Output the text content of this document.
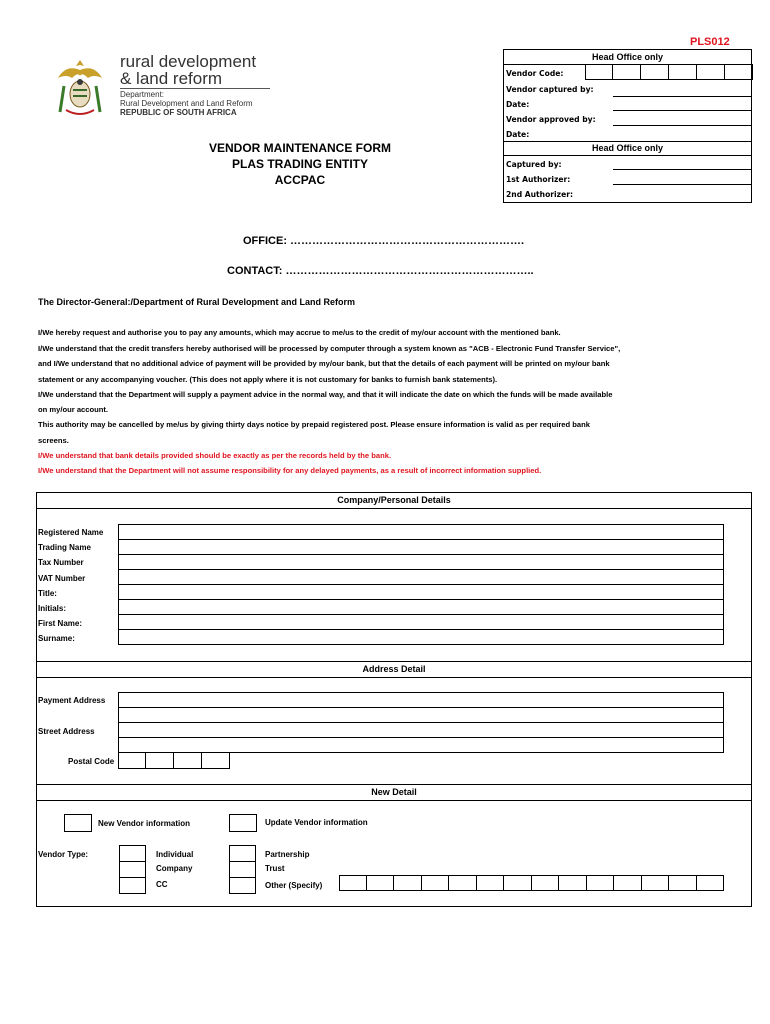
PLS012
rural development
& land reform
Department:
Rural Development and Land Reform
REPUBLIC OF SOUTH AFRICA
VENDOR MAINTENANCE FORM
PLAS TRADING ENTITY
ACCPAC
Head Office only
Vendor Code:
Vendor captured by:
Date:
Vendor approved by:
Date:
Head Office only
Captured by:
1st Authorizer:
2nd Authorizer:
OFFICE: ……………………………………………………….
CONTACT: …………………………………………………………..
The Director-General:/Department of Rural Development and Land Reform
I/We hereby request and authorise you to pay any amounts, which may accrue to me/us to the credit of my/our account with the mentioned bank.
I/We understand that the credit transfers hereby authorised will be processed by computer through a system known as "ACB - Electronic Fund Transfer Service",
and I/We understand that no additional advice of payment will be provided by my/our bank, but that the details of each payment will be printed on my/our bank
statement or any accompanying voucher. (This does not apply where it is not customary for banks to furnish bank statements).
I/We understand that the Department will supply a payment advice in the normal way, and that it will indicate the date on which the funds will be made available
on my/our account.
This authority may be cancelled by me/us by giving thirty days notice by prepaid registered post. Please ensure information is valid as per required bank
screens.
I/We understand that bank details provided should be exactly as per the records held by the bank.
I/We understand that the Department will not assume responsibility for any delayed payments, as a result of incorrect information supplied.
Company/Personal Details
Registered Name
Trading Name
Tax Number
VAT Number
Title:
Initials:
First Name:
Surname:
Address Detail
Payment Address
Street Address
Postal Code
New Detail
New Vendor information	Update Vendor information
Vendor Type:	Individual
Company
CC
Partnership
Trust
Other (Specify)
